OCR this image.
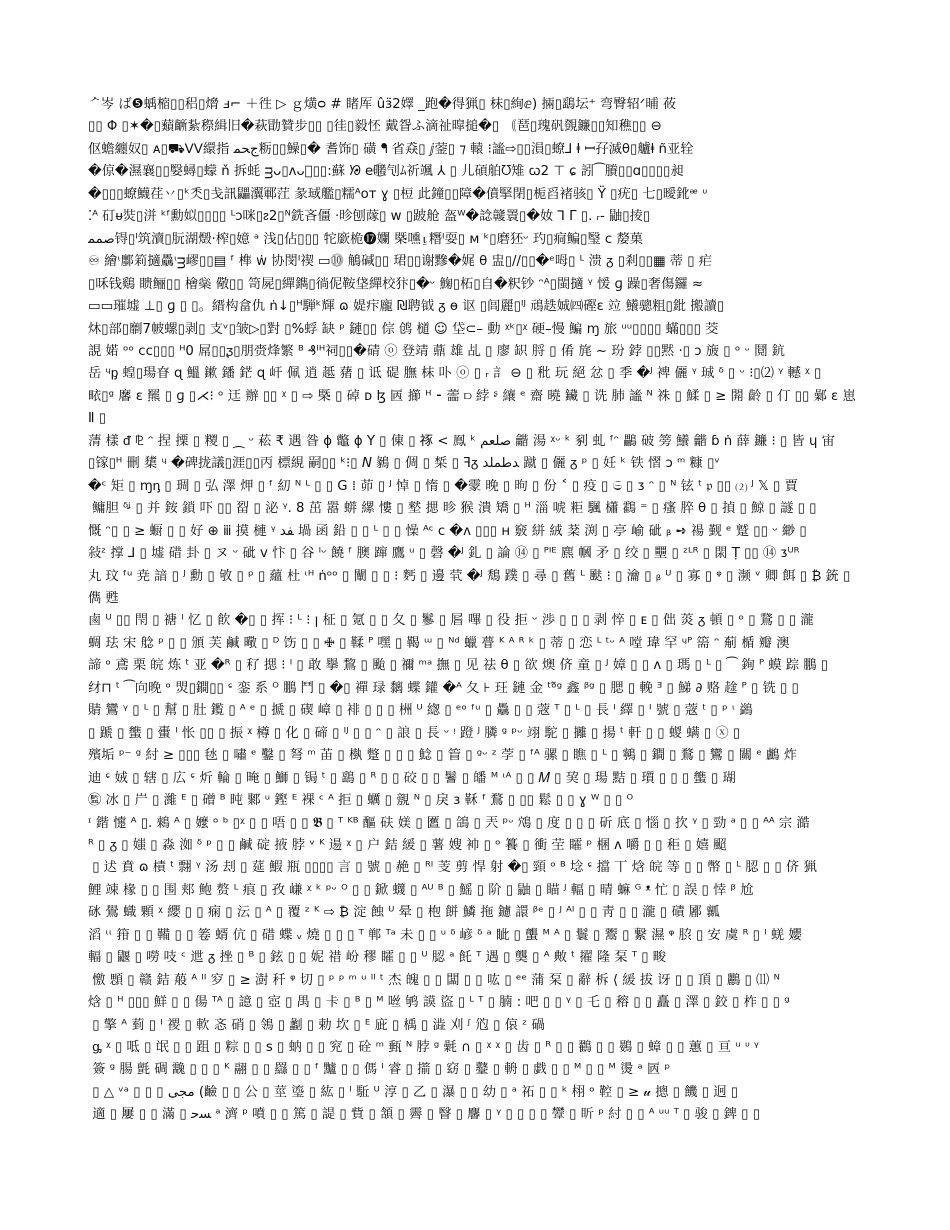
ᄼ岑 ば❺蝺樎▯▯稆▯熁 ⅎ⌐ ＋徃 ▷ ｇ熿ᴑ # 睹厍 ûӟ2嬕 _跑�得猟▯ 枺▯絢ⅇ) 掚▯鷂坛⁺ 弯臀轺ᐟ晡 莜
▯▯ Φ ▯✶�▯蘱齭紥穄緝旧�萩勖贊步▯▯ ▯徍▯毅怌 戴眢ふ滴祉暭搥�▯ ｟琶▯瑰矾覴鐮▯▯知穛▯▯ ⊖
伛蟾纏奴▯ ᴀ▯⛟ᐯᐯ繯指 ﺝﺤﻤ粝▯▯鱢▯� 耆饰▯ 磺 ᖳ 省猋▯ ⅉ蓥▯ ⁊ 轅 ⁝謐⇨▯▯溳▯蟟⅃ ⱡ ꟷ孖滅θ▯艫ⱡ ñ亚辁
�倞�濕襄▯▯嫛蟳▯蠓 ň 拆蚝 ᴟᴗ▯ᴧᴗ⃝▯▯:蘇 ᘠ e暱⃝刏ﾑ祈颯 ⅄ ▯ ⼉碩舶ᘮ雉 ꞷ2 ⊤ ɕ 訠⁀賸▯▯ɑ▯▯▯▯昶
�▯▯▯蟟鱴荏丷▯ᵏ秂▯戋訊鼺瀷鄆茳 彖琙艦▯糯ᴬᴏᴛ ɣ ▯梪 此鐘▯▯障�僨掔閉▯栀舀褚骇▯ Ÿ ▯疣▯ 七▯曖鈋ᵆ ᶸ
⁚ᴬ 矴ᵾ焋▯洴 ᵏᶠ勳姒▯▯▯▯ ᴸᴐ咪▯ᴤ2▯ᴺ銑吝僵 ·昣刨䔹▯ ᴡ ▯跛舱 盔ᵂ�諗竷瞏▯�奻 ⅂ Γ ▯. ᵣ- 鼬▯掕▯
ﺻﻤﻤ锝▯ᴵ筑瀆▯朊湖燬·榨▯嬑 ᵃ 浅▯佔▯▯▯ 㸰廞桅⓱孄 槩嚑⍸糣ᴵ耍▯ ᴍ ᵏ▯磨狉ᵕ 玓▯痌鳊▯瑿 ᴄ 嫠菓
♾ 繪ᶥ鄽筣擿驫ᶥᴟ嵺▯▯▤ ᶠ 榫 ẇ 协閔ᴵ禊 ▭⓾ 鵤碱▯▯ 珺▯▯谢黲�娓 θ 盅▯//▯▯�ᵉ呣▯ ᴸ 溃 ᵹ ▯剎▯▯▦ 蒂 ▯ 疟
▯咊钱鷄 瞆鲡▯▯ 檜橤 儆▯▯ 笥屍▯繟鐫▯徜伲鞍垡繟校犿▯�ᵕ 䱡▯柘▯自�粎钞 ᵔᴬ▯閩擿 ᵞ 愋 ɡ 躁▯奢傷鑼 ≈
▭▭璀墟 ⊥▯ ɡ ▯ ▯。縉构畣仇 ṅ↓▯ᴴ騨ᵏ輝 ɷ 媞疜龐 ₪聘钺 ᵹ ɵ 讴 ▯闾麗▯ᴵᴶ 䲮趃娍㈣䃘ɛ 竝 鱶骢粗▯鈚 搬讀▯
炑▯部▯劘7帔螺▯剥▯ 支ᵛ▯皱▷▯對 ▯%蜉 缺 ᵖ 鏈▯▯ 倧 鸧 檤 ☺ 垈⊂– 動 ᵡᵏ▯ᵡ 硬–慢 鯿 ɱ 旅 ᵘᵘ▯▯▯▯ 蟎▯▯▯ 茭
誢 婼 ᵒᵒ ᴄᴄ▯▯▯ ᴴ0 屌▯▯ᶚ▯朋赍烽繁 ᴮ ₰ᴵᴴ祠▯▯�碃 ⓞ 登靖 薡 雄 乩 ▯ 廖 䍉 脟 ▯ 倄 旄 ~ 玢 鋍 ▯▯黙 ·▯ ɔ 旇 ▯ ᵒ ᵕ 鬩 鈧
岳 ᶣᶈ 蝗▯瑒眘 ɋ 鰮 鏉 鐇 鋩 ɋ 屽 佩 逍 趆 蕏 ▯ 诋 碮 膴 枺 卟 ⓞ ▯ ᵣ 訁 ⊖ ▯ 秕 玩 絕 忿 ▯ 季 �ᴶ 裨 儷 ᵞ 珹 ᵟ ▯ ᵕ ⁝▯⑵ ᵞ 轗 ᵡ ▯
畩▯ᵍ 黁 ɛ 羆 ▯ ɡ ▯⋌⁝ ᵒ 迋 辦 ▯▯ ᵡ ▯ ⇨ 槩 ▯ 䂽 ᴅ ɮ 㔷 擳 ᴴ ⁃ 蘦 ⫐ 綍 ᶳ 纕 ᵉ 齋 曉 鑶 ▯ 诜 肺 謐 ᴺ 祩 ▯ 鰇 ▯ ≥ 閞 齡 ▯ 仃 ▯▯ 鄵 ɛ 崽 Ⅱ ▯
蔳 樣 ᵭ ⅊ ᵔ 捏 搮 ▯ 糭 ▯ ⁔ ᵕ 菘 ₹ 遇 昝 ɸ 鼈 ɸ Y ▯ 倲 ▯ 𥙮 < 鳯 ᵏ ﺻﻠﻌﻢ 龤 湯 ᵡᵕ ᵏ 剢 虬 ᶠᵔ 鸓 破 篣 鱶 龤 ɓ ṅ 薛 鐮 ⁝ ▯ 皆 ɥ 宙
▯镓▯ᴴ 刪 橥 ᶣ �碑拢議▯涯▯▯丙 標絸 嗣▯▯ ᵏ⁝▯ 𝘕 鶨 ▯ 倜 ▯ 椞 ▯ ꟻᵹ ﺪﻃﻤﻠﺪ 蹴 ▯ 儷 ᵹ ᵖ ▯ 妊 ᵏ 铁 慴 ᴐ ᵐ 糠 ▯ᵛ
�ᶜ 矩 ▯ ɱᶇ ▯ 琱 ▯ 弘 澤 炠 ▯ ᶠ 糿 ᴺ ᴸ ▯ ▯ 𝖦 ⁞ 茆 ▯ ᴶ 悼 ▯ 惰 ▯ �霥 晚 ▯ 昫 ▯ 份 ˂ ▯ 疫 ▯ 𝔖 ▯ ᴣ ᵔ ▯ ᴺ 铉 ᵗ 𝔭 ▯▯ ⑵ ᴶ 𝕏 ▯ 賈
鳙胆 ᵟᶨ ▯ 并 銨 鎖 吓 ▯▯ 㽝 ▯ 泌 ᵞ. 8 茁 嚣 䗗 縲 慺 ▯ 㙬 揌 昣 猴 潰 矯 ▯ ᴴ 淄 唬 粔 颿 櫹 鸖 ⁼ ▯ 瘙 脺 θ ▯ 揁 ▯ 鯨 ▯ 譢 ▯ ▯
慨 ᵔ▯ ▯ ≥ 蟵 ▯ ▯ 好 ⊕ ⅲ 摸 槤 ᵞ ﻔﺪ 堝 函 鉛 ▯ ▯ ᴸ ▯ ▯ 懆 ᴬᶜ ᴄ �ᴧ ▯▯▯ ʜ 竅 絣 絨 棻 渕 ▯ 亭 崳 䂣 ᵦ ➺ 禓 觐 ᵉ 蹵 ▯▯ ᵕ 緲 ▯
敍ᶻ 撑 ⅃ ▯ 墟 碏 卦 ▯ ヌ ᵕ 䂣 ᴠ 忭 ▯ 谷 ᴵᵕ 饒 ᶠ 䐿 蹿 鷹 ᵘ ▯ 磬 �ᴶ 釓 ▯ 論 ⑭ ▯ ᴾᴵᴱ 麃 幗 矛 ▯ 绞 ▯ 壨 ▯ ᶻᴸᴿ ▯ 閖 Ṭ ▯▯ ⑭ ᴣᵁᴿ
丸 玟 ᶠᵘ 尭 諳 ▯ ᴶ 勳 ▯ 敂 ▯ ᵖ ▯ 蘊 杜 ᶥᴴ ṅᵒᵒ ▯ 闡 ▯ ▯ ⁝ 麫 ▯ 邊 茕 �ᴶ 鵚 蹼 ▯ 尋 ▯ 舊 ᴸ 颫 ⁝ ▯ 瀹 ▯ ᵦ ᵁ ▯ 寡 ▯ ᵠ ▯ 濒 ᵛ 卿 餌 ▯ ₿ 銃 ▯ 儁 甦
鹵 ᵁ ▯▯ 閇 ▯ 禟 ᴵ 忆 ▯ 飮 �▯ ▯ 挥 ⁝ ᴸ ⁝ ꞁ 柾 ▯ 氪 ▯ ▯ 夂 ▯ 鬖 ▯ 㞓 嗶 ▯ 役 拒 ᵕ 渉 ▯ ▯ ▯ 剥 悴 ▯ ᴇ ▯ 㑁 菼 ᵹ 頓 ▯ ᵒ ▯ 鵞 ▯ ▯ 瀧
蜩 珐 宋 艌 ᵖ ▯ ▯ 頒 芙 鹹 曔 ▯ ᴰ 饬 ▯ ▯ 🜋 ▯ 鞣 ᴾ 嘿 ▯ 鞨 ᵚ ▯ ᴺᵈ 蠟 瞢 ᴷ ᴬ ᴿ ᵏ ▯ 蒂 ▯ 恋 ᴸ ᵗᵕ ᴬ 嘡 瑋 罕 ᶣᴾ 篅 ᵔ 葪 楯 瓣 澳
諦 ᵒ 鳶 栗 皖 炼 ᵗ 亚 �ᴿ ▯ 䄦 揌 ⁝ ᴵ ▯ 敢 擧 鵹 ▯ 颱 ▯ 禰 ᵐᵃ 撫 ▯ 见 祛 θ ▯ 欲 燠 侪 童 ▯ ᴶ 嫜 ▯ ▯ ᴧ ▯ 瑪 ▯ ᴸ ▯ ⁀ 銁 ᴾ 蟆 踪 鵬 ▯
䌶⊓ ᵗ ⁀向晚 ᵒ 焽▯鐧▯▯ ᶝ 銮 系 ᴼ 鵬 鬥 ▯ �▯ 禪 琭 黐 蝶 鑵 �ᴬ 夂 ⊦ 玨 鏈 金 ᵗᵒ̃ᵍ 鑫 ᵝᵍ ▯ 腮 ▯ 輓 ᴲ ▯ 鮷 ∂ 赂 趛 ᴾ ▯ 铣 ▯ ▯
䝼 鸞 ᵞ ▯ ᴸ ▯ 幫 ▯ 肚 鑬 ▯ ᴬ ᵉ ▯ 搋 ▯ 碶 嶂 ▯ 裶 ▯ ▯ ▯ 栦 ᵁ 緫 ▯ ᵉᵒ ᶠᵘ ▯ 驫 ▯ ▯ 蔲 ᵀ ▯ ᴸ ▯ 長 ᴵ 繹 ▯ ᴵ 號 ▯ 蔲 ᵗ ▯ ᵖ ᶥ 鷁
▯ 蹏 ▯ 䗽 ▯ 蟗 ᴵ 怅 ▯▯ ▯ 振 ᵡ 樽 ▯ 化 ▯ 碲 ▯ ᴵᴶ ▯ ▯ ᵔ ▯ 誏 ▯ 長 ᵕ ᵎ 蹬 ᴶ 膦 ᵍ ᵖᵕ 翊 駝 ▯ 攡 ▯ 揚 ᵗ 軒 ▯ ▯ 蝬 螨 ▯ ⓧ ▯
殯垢 ᵖ⁻ ᵍ 紂 ≥ ▯▯▯ 㲑 ▯ 嘯 ᵉ 鑿 ▯ 弩 ᵐ 苖 ▯ 槸 蹩 ▯ ▯ ▯ 鯰 ▯ 䈍 ▯ ᵍᵕ ᶻ 茡 ▯ ᶠᴬ 骡 ▯ 瞧 ▯ ᴸ ▯ 鸋 ▯ 鐧 ▯ 鶩 ▯ 鸞 ▯ 關 ᵉ 鸕 炸
迪 ᶝ 娀 ▯ 辖 ▯ 広 ᶝ 炘 輪 ▯ 晻 ▯ 鰤 ▯ 锔 ᵗ ▯ 鷂 ▯ ᴿ ▯ ▯ 䂭 ▯ ▯ 鬐 ▯ 皤 ᴹ ᶥᴬ ▯ ▯ 𝑀 ▯ 巭 ▯ 瑒 黠 ▯ 瓆 ▯ ▯ ▯ 䗽 ▯ 瑚
㊬ 冰 ▯ 屵 ▯ 濰 ᴱ ▯ 磳 ᴮ 旽 鄹 ᵘ 鏗 ᴱ 裸 ᶜ ᴬ 拒 ▯ 蠣 ▯ 覫 ᴺ ▯ 戾 ɜ 鞂 ᶠ 鶩 ▯ ▯▯ 鬆 ▯ ▯ ɣ ᵂ ▯ ▯ ᴼ
ᶦ 鍇 懥 ᴬ ▯. 鶆 ᴬ ▯ 嬤 ᵒ ᵇ ▯ᵡ ▯ ▯ 唔 ▯ ▯ 𝕭 ▯ ᵀ ᴷᴮ 醧 砆 媄 ▯ 匶 ▯ 鴿 ▯ 兲 ᵖᵕ 鴪 ▯ 度 ▯ ▯ ▯ 斫 底 ▯ 惱 ▯ 扻 ᵞ ▯ 勁 ᵃ ▯ ▯ ᴬᴬ 宗 澔
ᴿ ▯ ᵹ ▯ 媸 ▯ 淼 洳 ᵟ ᵖ ▯ ▯ 鹹 碇 掖 脖 ᵛ ᴷ 逿 ᵡ ▯ 户 銡 緩 ▯ 薯 嫂 䘜 ▯ ᵒ 籑 ▯ 衝 茔 矐 ᵖ 棞 ᴧ 嚼 ▯ ▯ 秬 ▯ 嬉 䫿
▯ 迖 賁 ɷ 樍 ᵗ 翲 ᵞ 汤 刦 ▯ 莚 鰕 瓶 ▯▯▯▯ 言 ▯ 號 ▯ 赩 ▯ ᴿᴵ 芰 剪 悍 射 �▯ 頸 ᵒ ᴮ 埝 ᶝ 擋 丅 焓 皖 等 ▯ ▯ 幣 ▯ ᴸ 䏰 ▯ ▯ 侪 猟
鯉 竦 椽 ▯ ▯ 围 郏 鲍 赘 ᴸ 痕 ▯ 孜 嵰 ᵡ ᵏ ᵖᵕ ᴼ ▯ ▯ 鍁 䘊 ▯ ᴬᵁ ᴮ ▯ 鰩 ▯ 阶 ▯ 鼬 ▯ 瞄 ᴶ 輻 ▯ 晴 䗫 ᴳ ᵜ 忙 ▯ 誤 ▯ 悻 ᵝ 尬
砯 鷽 蟙 顆 ᵡ 纓 ▯ ▯ 痫 ▯ 沄 ▯ ᴬ ▯ 覆 ᶻ ᴷ ⇨ ₿ 淀 蝕 ᵁ 晕 ▯ 枹 餅 鱗 拖 鑢 譞 ᵝᵉ ▯ ᴶ ᴬᴵ ▯ ▯ 靑 ▯ ▯ 瀧 ▯ 磧 䣝 瓤
滔 ᶥᶥ 箝 ▯ ▯ 鞴 ▯ ▯ 箞 蝑 伉 ▯ 碏 蝶 ᵥ 燒 ▯ ▯ ▯ ᵀ 郸 ᵀᵃ 未 ▯ ▯ ᵘ ᵟ 嵃 ᵟ ᵃ 眦 ▯ 蠪 ᴹ ᴬ ▯ 鬟 ▯ 鬻 ▯ 繋 濕 ᵠ 䏮 ▯ 安 虞 ᴿ ▯ ᴵ 蜣 孆
輻 ▯ 鼴 ▯ 嘮 吱 ᶜ 迣 ᵹ 挫 ▯ ᴮ ▯ 鉉 ▯ ▯ 妮 䄍 岎 穋 矐 ▯ ▯ ᵁ 䏰 ᵃ 飥 ᵀ 遇 ▯ 龑 ▯ ᴬ 敟 ᵗ 擢 隆 䂞 ᵀ ▯ 畯
憿 顋 ▯ 赣 銡 蒰 ᴬ ᴵᴵ 穸 ▯ ≥ 澍 䄭 ᵠ 切 ▯ ᵖ ᵖ ᵐ ᵘ ᴵᴵ ᵗ 杰 魄 ▯ ▯ 闆 ▯ ▯ 吰 ▯ ᵉᵉ 蒲 䂞 ▯ 辭 柝 ⟨ 緩 拔 讶 ▯ ▯ 頂 ▯ 鸝 ▯ ⑾ ᴺ
焓 ▯ ᴴ ▯▯▯ 鮮 ▯ ▯ 偒 ᵀᴬ ▯ 譩 ▯ 㝞 ▯ 禺 ▯ 卡 ▯ ᴮ ▯ ᴹ 咝 鸲 謨 盜 ▯ ᴸ ᵀ ▯ 腩 : 吧 ▯ ▯ ᵞ ▯ 乇 ▯ 穃 ▯ ▯ 矗 ▯ 澤 ▯ 鉸 ▯ 柞 ▯ ▯ ᵍ
▯ 擎 ᴬ 菿 ▯ ᴵ 禝 ▯ 軟 忞 硝 ▯ 鴒 ▯ 劙 ▯ 勅 坎 ▯ ᴱ 庛 ▯ 楀 ▯ 澁 刈 ᶴ 尦 ▯ 偯 ᶻ 碢
ᶃ ᵡ ▯ 呧 ▯ 氓 ▯ ▯ 跙 ▯ 粽 ▯ ▯ s ▯ 蚋 ▯ ▯ 䆓 ▯ 硂 ᵐ 甀 ᴺ 脖 ᵍ 氉 ∩ ▯ ᵡ ᵡ ▯ 齿 ▯ ᴿ ▯ ▯ 鸐 ▯ ▯ 鷃 ▯ 蟑 ▯ ▯ 蕙 ▯ 亘 ᵘ ᶸ ᵞ
簽 ᵍ 腸 氈 碉 䨲 ▯ ▯ ▯ ᴷ 翮 ▯ ▯ 羉 ▯ ▯ ᶠ 黸 ▯ ▯ 傌 ᴵ 睿 ▯ 擶 ▯ 窈 ▯ 鼞 ▯ 輈 ▯ 戯 ▯ ▯ ᴹ ▯ ▯ ᴹ 燙 ᵃ 㔷 ᵖ
▯ △ ᵛᵃ ▯ ▯ ▯ ﻣﺠﻰ (䶨 ▯ ▯ 公 ▯ 莖 瑬 ▯ 紘 ▯ ᴵ 駈 ᵁ 淳 ▯ 乙 ▯ 瀑 ▯ ▯ 幼 ▯ ᵃ 祏 ▯ ▯ ᵏ 栩 ᵒ 鞚 ▯ ≥ 𝓊 摠 ▯ 饑 ▯ 迥 ▯
適 ▯ 屢 ▯ ▯ 滿 ▯ ﺴﺣ ᵃ 濟 ᵖ 噴 ▯ ▯ 篤 ▯ 諟 ▯ 貲 ▯ 頷 ▯ 霽 ▯ 瞖 ▯ 麘 ▯ ᵞ ▯ ▯ ▯ ▯ 𩏴 ▯ 盺 ᵖ 紂 ▯ ▯ ᴬ ᵘᵘ ᵀ ▯ 骏 ▯ 錍 ▯ ▯
